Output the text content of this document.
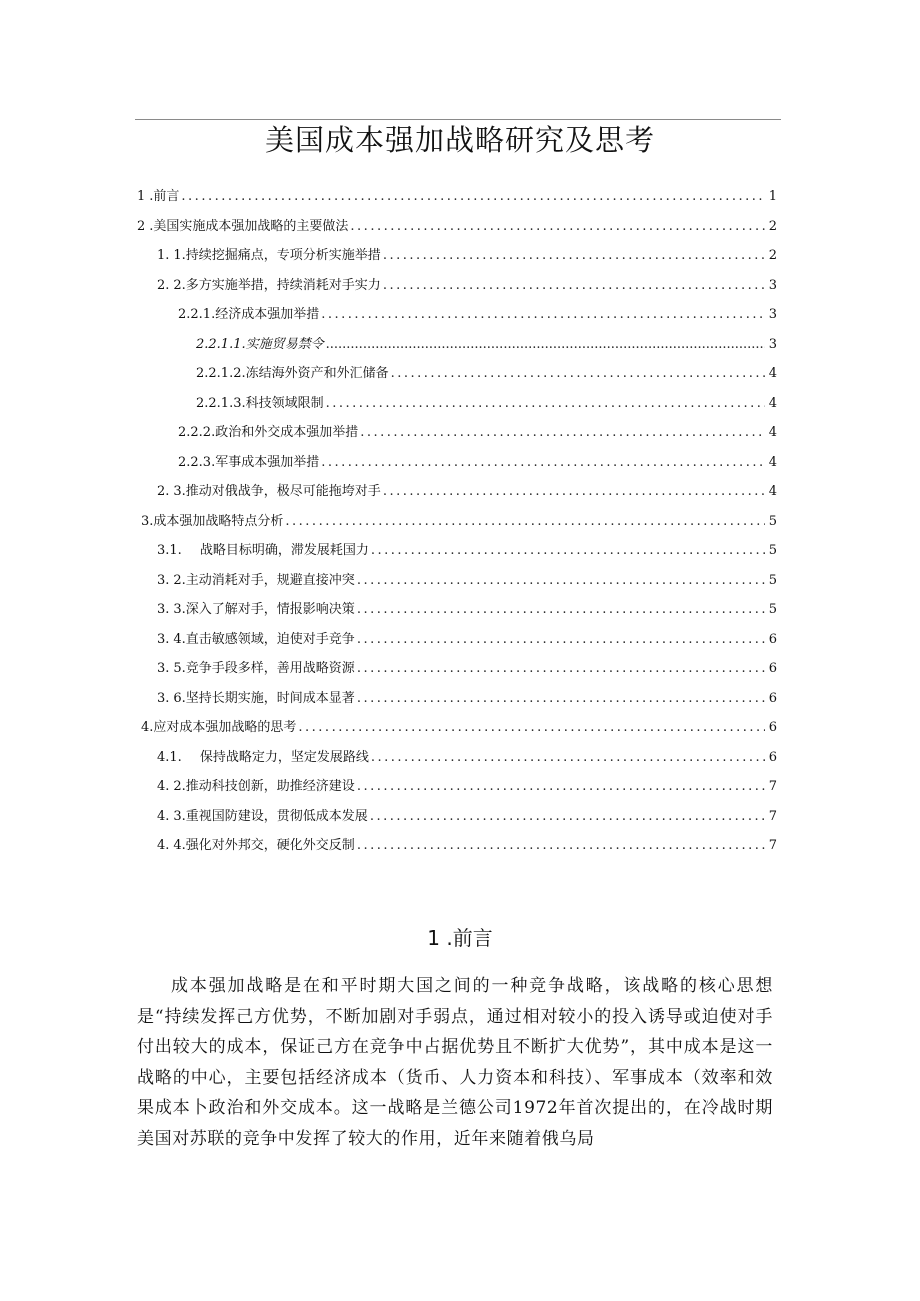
美国成本强加战略研究及思考
1 .前言 .....	1
2 .美国实施成本强加战略的主要做法 .....	2
1. 1.持续挖掘痛点，专项分析实施举措 .....	2
2. 2.多方实施举措，持续消耗对手实力 .....	3
2.2.1.经济成本强加举措 .....	3
2.2.1.1.实施贸易禁令 .....	3
2.2.1.2.冻结海外资产和外汇储备 .....	4
2.2.1.3.科技领域限制 .....	4
2.2.2.政治和外交成本强加举措 .....	4
2.2.3.军事成本强加举措 .....	4
2. 3.推动对俄战争，极尽可能拖垮对手 .....	4
3.成本强加战略特点分析 .....	5
3.1.	战略目标明确，滞发展耗国力 .....	5
3. 2.主动消耗对手，规避直接冲突 .....	5
3. 3.深入了解对手，情报影响决策 .....	5
3. 4.直击敏感领域，迫使对手竞争 .....	6
3. 5.竞争手段多样，善用战略资源 .....	6
3. 6.坚持长期实施，时间成本显著 .....	6
4.应对成本强加战略的思考 .....	6
4.1.	保持战略定力，坚定发展路线 .....	6
4. 2.推动科技创新，助推经济建设 .....	7
4. 3.重视国防建设，贯彻低成本发展 .....	7
4. 4.强化对外邦交，硬化外交反制 .....	7
1 .前言

成本强加战略是在和平时期大国之间的一种竞争战略，该战略的核心思想是“持续发挥己方优势，不断加剧对手弱点，通过相对较小的投入诱导或迫使对手付出较大的成本，保证己方在竞争中占据优势且不断扩大优势”，其中成本是这一战略的中心，主要包括经济成本（货币、人力资本和科技）、军事成本（效率和效果成本卜政治和外交成本。这一战略是兰德公司1972年首次提出的，在冷战时期美国对苏联的竞争中发挥了较大的作用，近年来随着俄乌局
